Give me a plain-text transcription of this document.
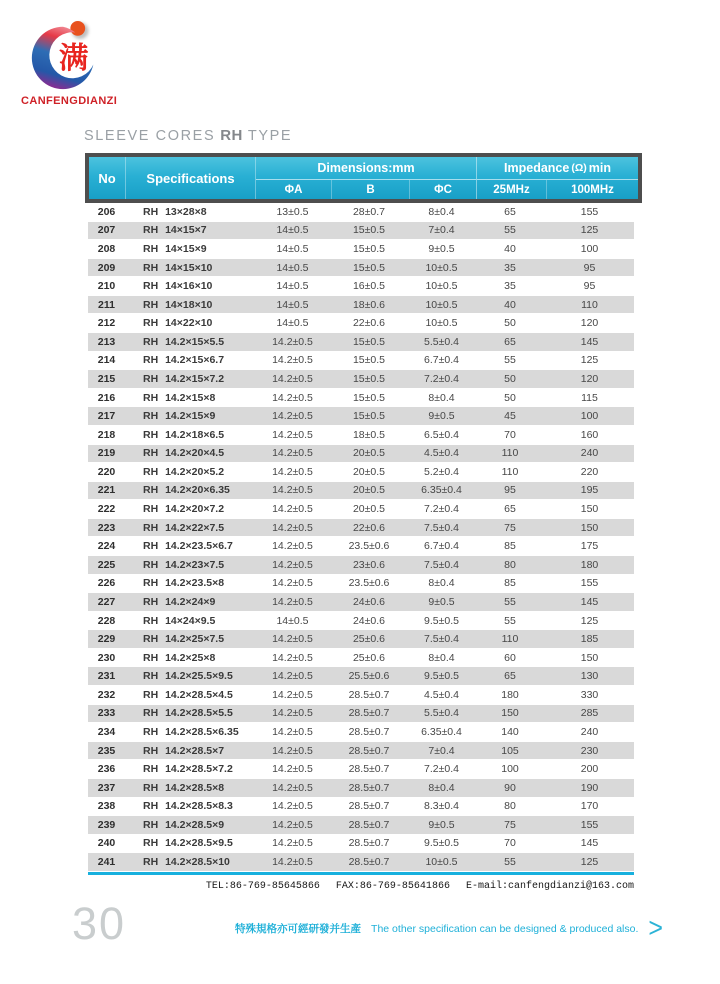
满
CANFENGDIANZI
SLEEVE CORES RH TYPE
No	Specifications
Dimensions:mm	Impedance (Ω) min
ΦA	B	ΦC	25MHz	100MHz
206	RH 13×28×8	13±0.5	28±0.7	8±0.4	65	155
207	RH 14×15×7	14±0.5	15±0.5	7±0.4	55	125
208	RH 14×15×9	14±0.5	15±0.5	9±0.5	40	100
209	RH 14×15×10	14±0.5	15±0.5	10±0.5	35	95
210	RH 14×16×10	14±0.5	16±0.5	10±0.5	35	95
211	RH 14×18×10	14±0.5	18±0.6	10±0.5	40	110
212	RH 14×22×10	14±0.5	22±0.6	10±0.5	50	120
213	RH 14.2×15×5.5	14.2±0.5	15±0.5	5.5±0.4	65	145
214	RH 14.2×15×6.7	14.2±0.5	15±0.5	6.7±0.4	55	125
215	RH 14.2×15×7.2	14.2±0.5	15±0.5	7.2±0.4	50	120
216	RH 14.2×15×8	14.2±0.5	15±0.5	8±0.4	50	115
217	RH 14.2×15×9	14.2±0.5	15±0.5	9±0.5	45	100
218	RH 14.2×18×6.5	14.2±0.5	18±0.5	6.5±0.4	70	160
219	RH 14.2×20×4.5	14.2±0.5	20±0.5	4.5±0.4	110	240
220	RH 14.2×20×5.2	14.2±0.5	20±0.5	5.2±0.4	110	220
221	RH 14.2×20×6.35	14.2±0.5	20±0.5	6.35±0.4	95	195
222	RH 14.2×20×7.2	14.2±0.5	20±0.5	7.2±0.4	65	150
223	RH 14.2×22×7.5	14.2±0.5	22±0.6	7.5±0.4	75	150
224	RH 14.2×23.5×6.7	14.2±0.5	23.5±0.6	6.7±0.4	85	175
225	RH 14.2×23×7.5	14.2±0.5	23±0.6	7.5±0.4	80	180
226	RH 14.2×23.5×8	14.2±0.5	23.5±0.6	8±0.4	85	155
227	RH 14.2×24×9	14.2±0.5	24±0.6	9±0.5	55	145
228	RH 14×24×9.5	14±0.5	24±0.6	9.5±0.5	55	125
229	RH 14.2×25×7.5	14.2±0.5	25±0.6	7.5±0.4	110	185
230	RH 14.2×25×8	14.2±0.5	25±0.6	8±0.4	60	150
231	RH 14.2×25.5×9.5	14.2±0.5	25.5±0.6	9.5±0.5	65	130
232	RH 14.2×28.5×4.5	14.2±0.5	28.5±0.7	4.5±0.4	180	330
233	RH 14.2×28.5×5.5	14.2±0.5	28.5±0.7	5.5±0.4	150	285
234	RH 14.2×28.5×6.35	14.2±0.5	28.5±0.7	6.35±0.4	140	240
235	RH 14.2×28.5×7	14.2±0.5	28.5±0.7	7±0.4	105	230
236	RH 14.2×28.5×7.2	14.2±0.5	28.5±0.7	7.2±0.4	100	200
237	RH 14.2×28.5×8	14.2±0.5	28.5±0.7	8±0.4	90	190
238	RH 14.2×28.5×8.3	14.2±0.5	28.5±0.7	8.3±0.4	80	170
239	RH 14.2×28.5×9	14.2±0.5	28.5±0.7	9±0.5	75	155
240	RH 14.2×28.5×9.5	14.2±0.5	28.5±0.7	9.5±0.5	70	145
241	RH 14.2×28.5×10	14.2±0.5	28.5±0.7	10±0.5	55	125
TEL:86-769-85645866 FAX:86-769-85641866 E-mail:canfengdianzi@163.com
30	特殊規格亦可經研發并生產 The other specification can be designed & produced also. >
